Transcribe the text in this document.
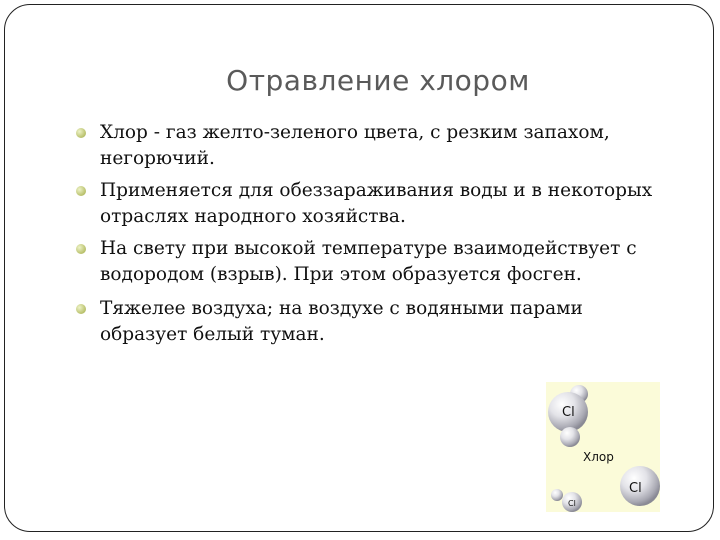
Отравление хлором
Хлор - газ желто-зеленого цвета, с резким запахом, негорючий.
Применяется для обеззараживания воды и в некоторых отраслях народного хозяйства.
На свету при высокой температуре взаимодействует с водородом (взрыв). При этом образуется фосген.
Тяжелее воздуха; на воздухе с водяными парами образует белый туман.
Cl
Хлор
Cl
Cl
